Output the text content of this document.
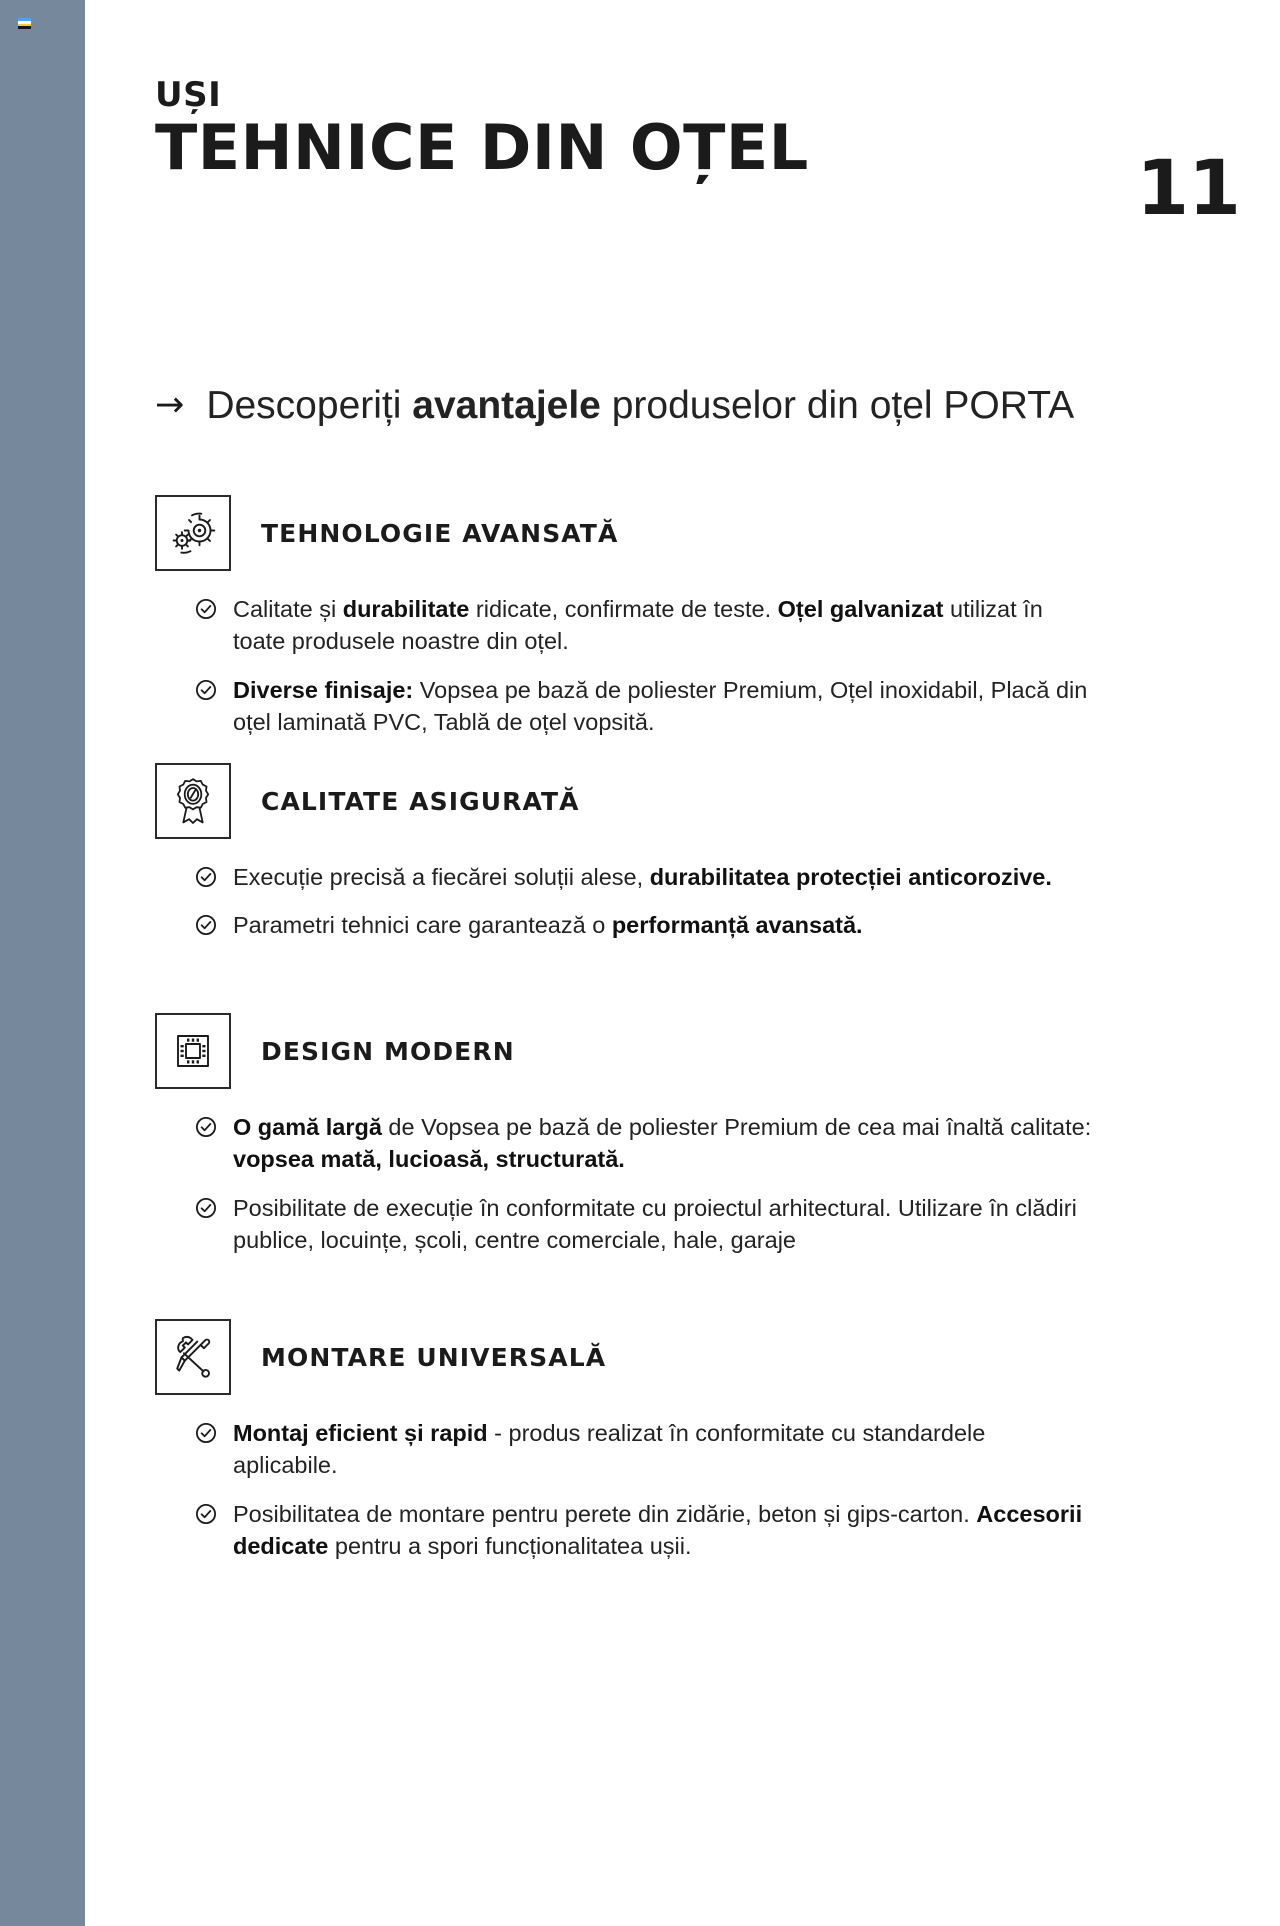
UȘI
TEHNICE DIN OȚEL	11
→ Descoperiți avantajele produselor din oțel PORTA
TEHNOLOGIE AVANSATĂ
Calitate și durabilitate ridicate, confirmate de teste. Oțel galvanizat utilizat în toate produsele noastre din oțel.
Diverse finisaje: Vopsea pe bază de poliester Premium, Oțel inoxidabil, Placă din oțel laminată PVC, Tablă de oțel vopsită.
CALITATE ASIGURATĂ
Execuție precisă a fiecărei soluții alese, durabilitatea protecției anticorozive.
Parametri tehnici care garantează o performanță avansată.
DESIGN MODERN
O gamă largă de Vopsea pe bază de poliester Premium de cea mai înaltă calitate: vopsea mată, lucioasă, structurată.
Posibilitate de execuție în conformitate cu proiectul arhitectural. Utilizare în clădiri publice, locuințe, școli, centre comerciale, hale, garaje
MONTARE UNIVERSALĂ
Montaj eficient și rapid - produs realizat în conformitate cu standardele aplicabile.
Posibilitatea de montare pentru perete din zidărie, beton și gips-carton. Accesorii dedicate pentru a spori funcționalitatea ușii.
